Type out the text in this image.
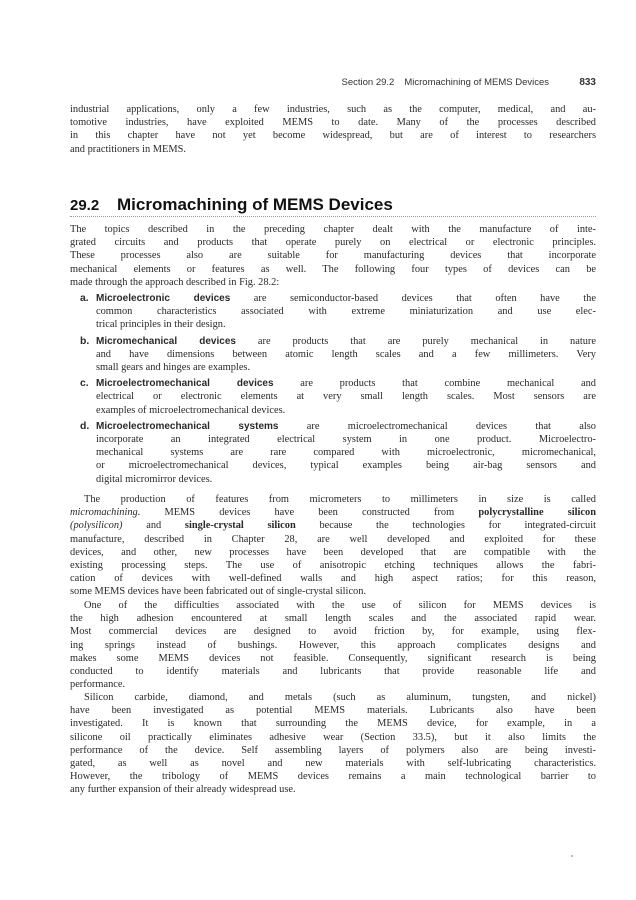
Section 29.2 Micromachining of MEMS Devices	833

industrial applications, only a few industries, such as the computer, medical, and au-
tomotive industries, have exploited MEMS to date. Many of the processes described
in this chapter have not yet become widespread, but are of interest to researchers
and practitioners in MEMS.

29.2 Micromachining of MEMS Devices

The topics described in the preceding chapter dealt with the manufacture of inte-
grated circuits and products that operate purely on electrical or electronic principles.
These processes also are suitable for manufacturing devices that incorporate
mechanical elements or features as well. The following four types of devices can be
made through the approach described in Fig. 28.2:

a. Microelectronic devices are semiconductor-based devices that often have the
common characteristics associated with extreme miniaturization and use elec-
trical principles in their design.
b. Micromechanical devices are products that are purely mechanical in nature
and have dimensions between atomic length scales and a few millimeters. Very
small gears and hinges are examples.
c. Microelectromechanical devices are products that combine mechanical and
electrical or electronic elements at very small length scales. Most sensors are
examples of microelectromechanical devices.
d. Microelectromechanical systems are microelectromechanical devices that also
incorporate an integrated electrical system in one product. Microelectro-
mechanical systems are rare compared with microelectronic, micromechanical,
or microelectromechanical devices, typical examples being air-bag sensors and
digital micromirror devices.

The production of features from micrometers to millimeters in size is called
micromachining. MEMS devices have been constructed from polycrystalline silicon
(polysilicon) and single-crystal silicon because the technologies for integrated-circuit
manufacture, described in Chapter 28, are well developed and exploited for these
devices, and other, new processes have been developed that are compatible with the
existing processing steps. The use of anisotropic etching techniques allows the fabri-
cation of devices with well-defined walls and high aspect ratios; for this reason,
some MEMS devices have been fabricated out of single-crystal silicon.

One of the difficulties associated with the use of silicon for MEMS devices is
the high adhesion encountered at small length scales and the associated rapid wear.
Most commercial devices are designed to avoid friction by, for example, using flex-
ing springs instead of bushings. However, this approach complicates designs and
makes some MEMS devices not feasible. Consequently, significant research is being
conducted to identify materials and lubricants that provide reasonable life and
performance.

Silicon carbide, diamond, and metals (such as aluminum, tungsten, and nickel)
have been investigated as potential MEMS materials. Lubricants also have been
investigated. It is known that surrounding the MEMS device, for example, in a
silicone oil practically eliminates adhesive wear (Section 33.5), but it also limits the
performance of the device. Self assembling layers of polymers also are being investi-
gated, as well as novel and new materials with self-lubricating characteristics.
However, the tribology of MEMS devices remains a main technological barrier to
any further expansion of their already widespread use.
